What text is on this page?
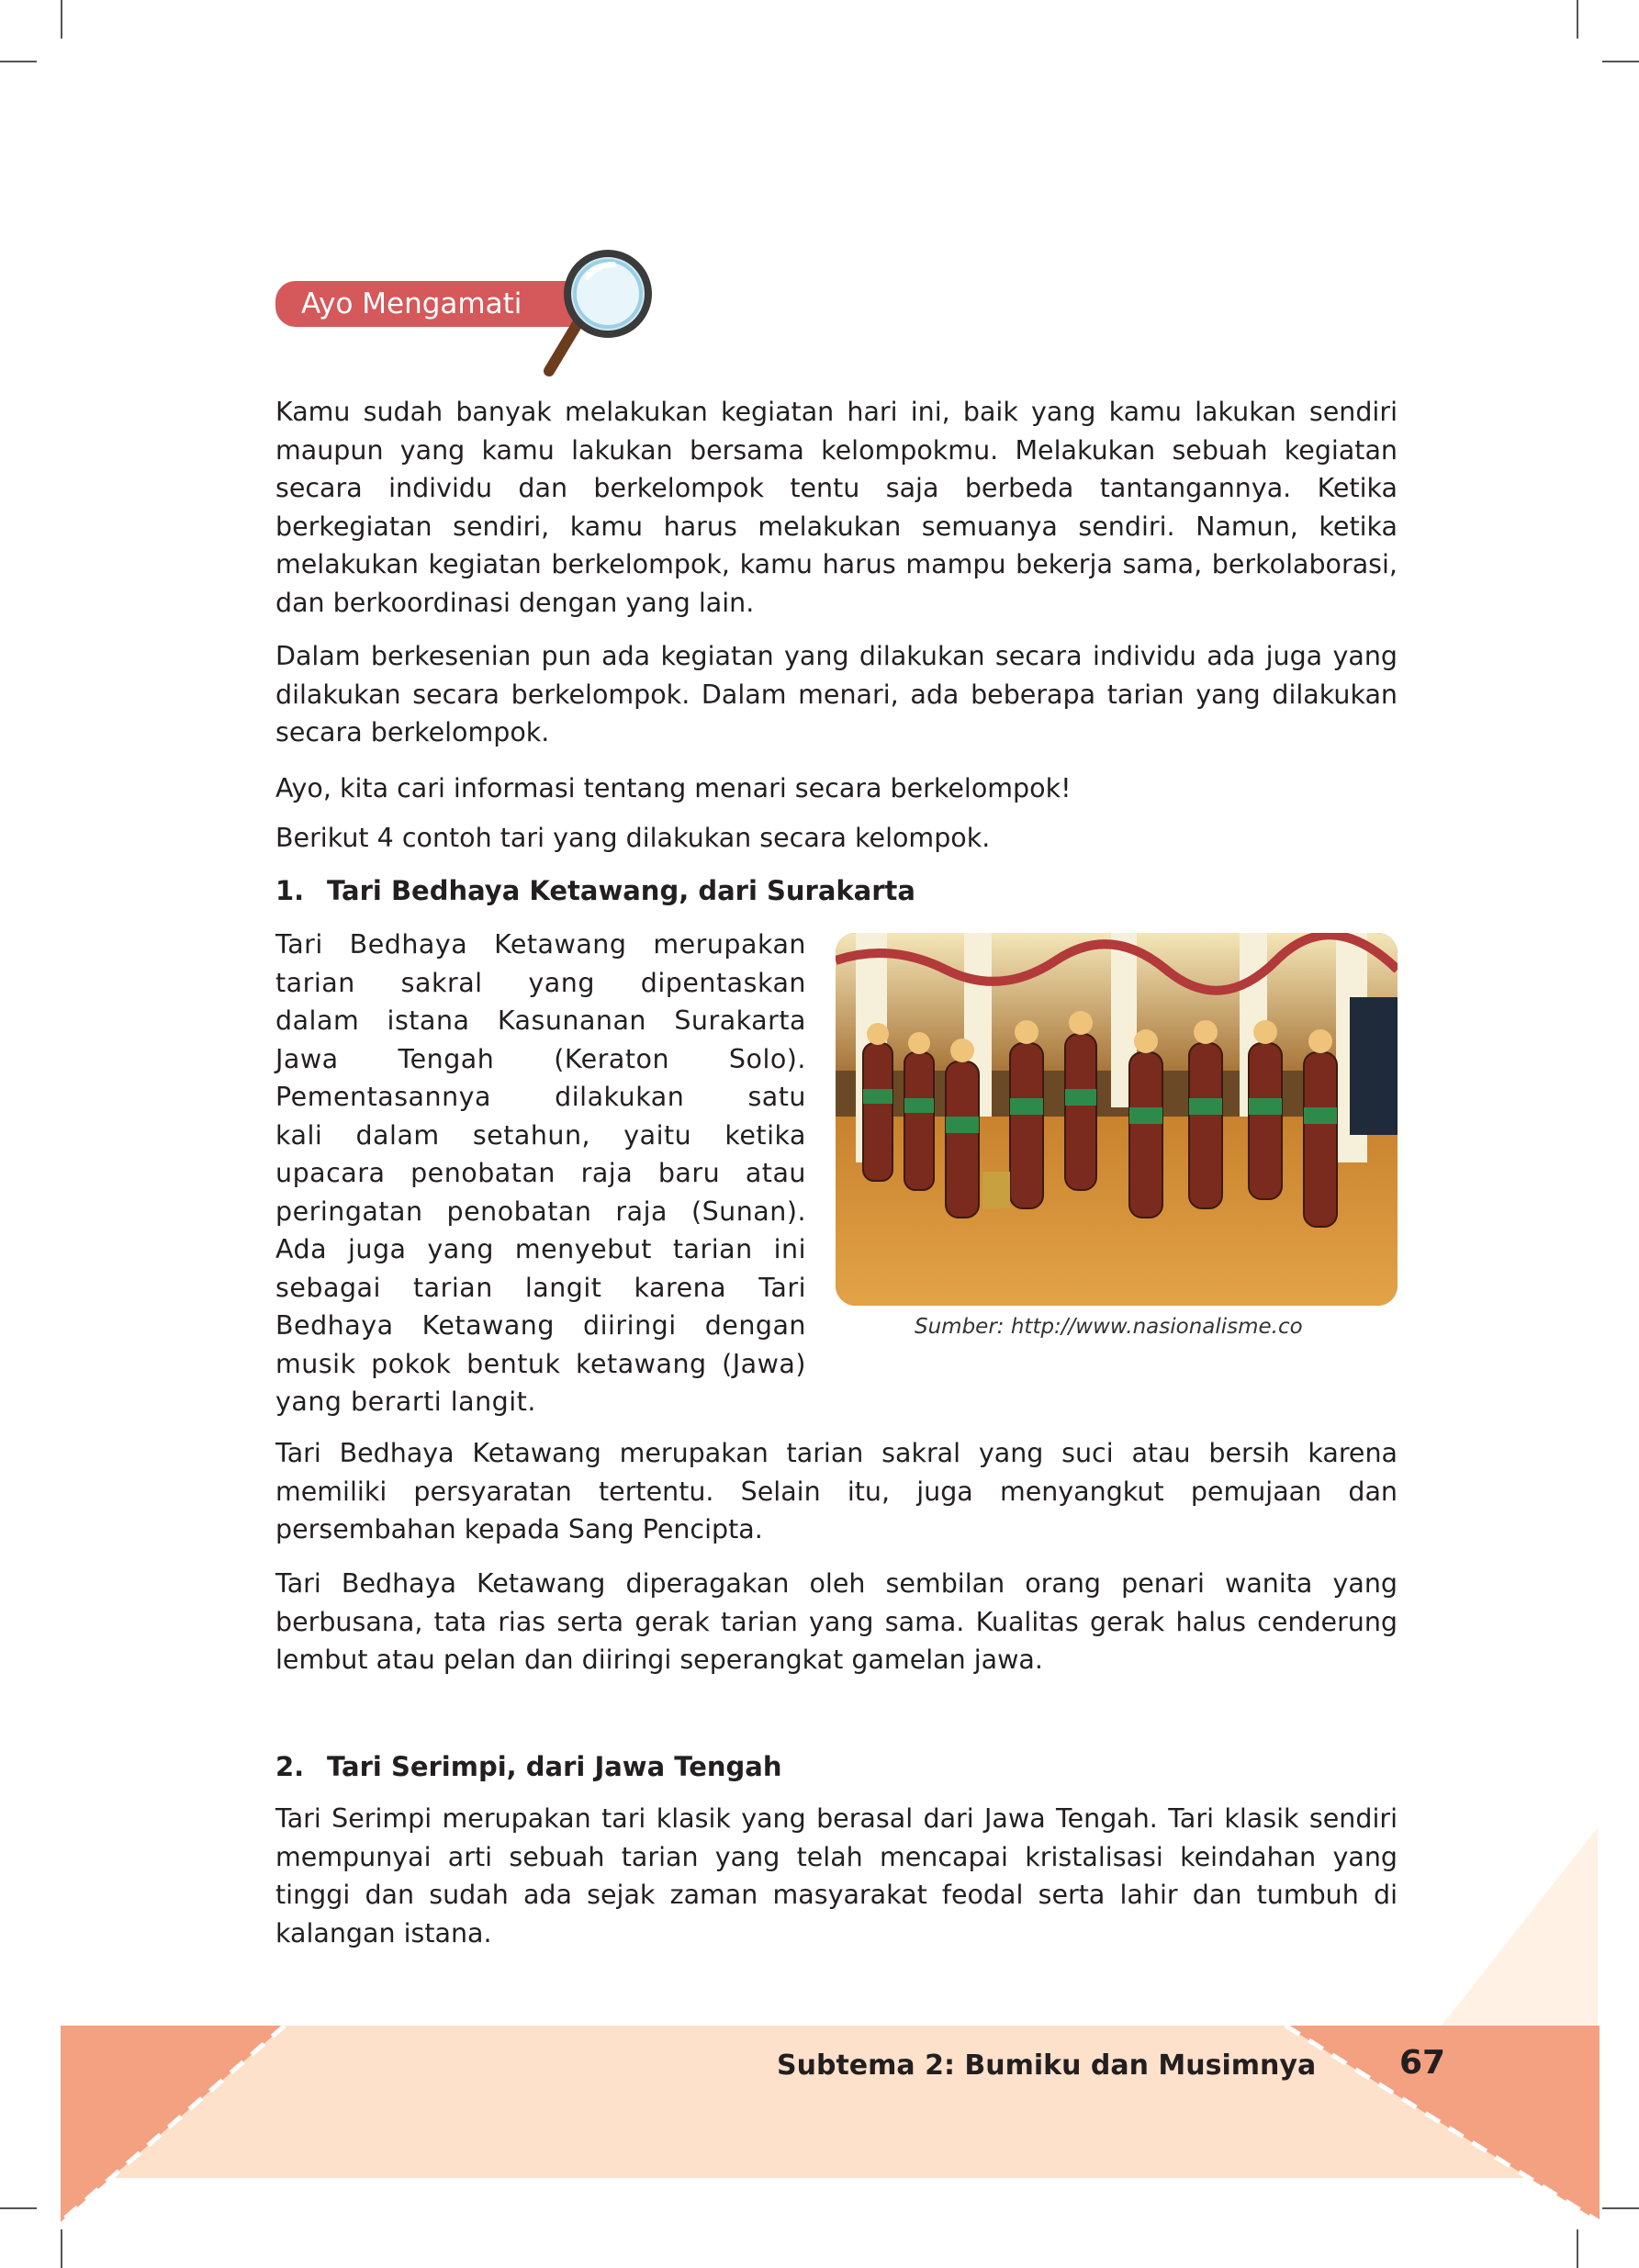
Ayo Mengamati

Kamu sudah banyak melakukan kegiatan hari ini, baik yang kamu lakukan sendiri maupun yang kamu lakukan bersama kelompokmu. Melakukan sebuah kegiatan secara individu dan berkelompok tentu saja berbeda tantangannya. Ketika berkegiatan sendiri, kamu harus melakukan semuanya sendiri. Namun, ketika melakukan kegiatan berkelompok, kamu harus mampu bekerja sama, berkolaborasi, dan berkoordinasi dengan yang lain.

Dalam berkesenian pun ada kegiatan yang dilakukan secara individu ada juga yang dilakukan secara berkelompok. Dalam menari, ada beberapa tarian yang dilakukan secara berkelompok.

Ayo, kita cari informasi tentang menari secara berkelompok!

Berikut 4 contoh tari yang dilakukan secara kelompok.

1. Tari Bedhaya Ketawang, dari Surakarta

Tari Bedhaya Ketawang merupakan
tarian sakral yang dipentaskan
dalam istana Kasunanan Surakarta
Jawa Tengah (Keraton Solo).
Pementasannya dilakukan satu
kali dalam setahun, yaitu ketika
upacara penobatan raja baru atau
peringatan penobatan raja (Sunan).
Ada juga yang menyebut tarian ini
sebagai tarian langit karena Tari
Bedhaya Ketawang diiringi dengan
musik pokok bentuk ketawang (Jawa)
yang berarti langit.
Sumber: http://www.nasionalisme.co

Tari Bedhaya Ketawang merupakan tarian sakral yang suci atau bersih karena memiliki persyaratan tertentu. Selain itu, juga menyangkut pemujaan dan persembahan kepada Sang Pencipta.

Tari Bedhaya Ketawang diperagakan oleh sembilan orang penari wanita yang berbusana, tata rias serta gerak tarian yang sama. Kualitas gerak halus cenderung lembut atau pelan dan diiringi seperangkat gamelan jawa.

2. Tari Serimpi, dari Jawa Tengah

Tari Serimpi merupakan tari klasik yang berasal dari Jawa Tengah. Tari klasik sendiri mempunyai arti sebuah tarian yang telah mencapai kristalisasi keindahan yang tinggi dan sudah ada sejak zaman masyarakat feodal serta lahir dan tumbuh di kalangan istana.

Subtema 2: Bumiku dan Musimnya	67
